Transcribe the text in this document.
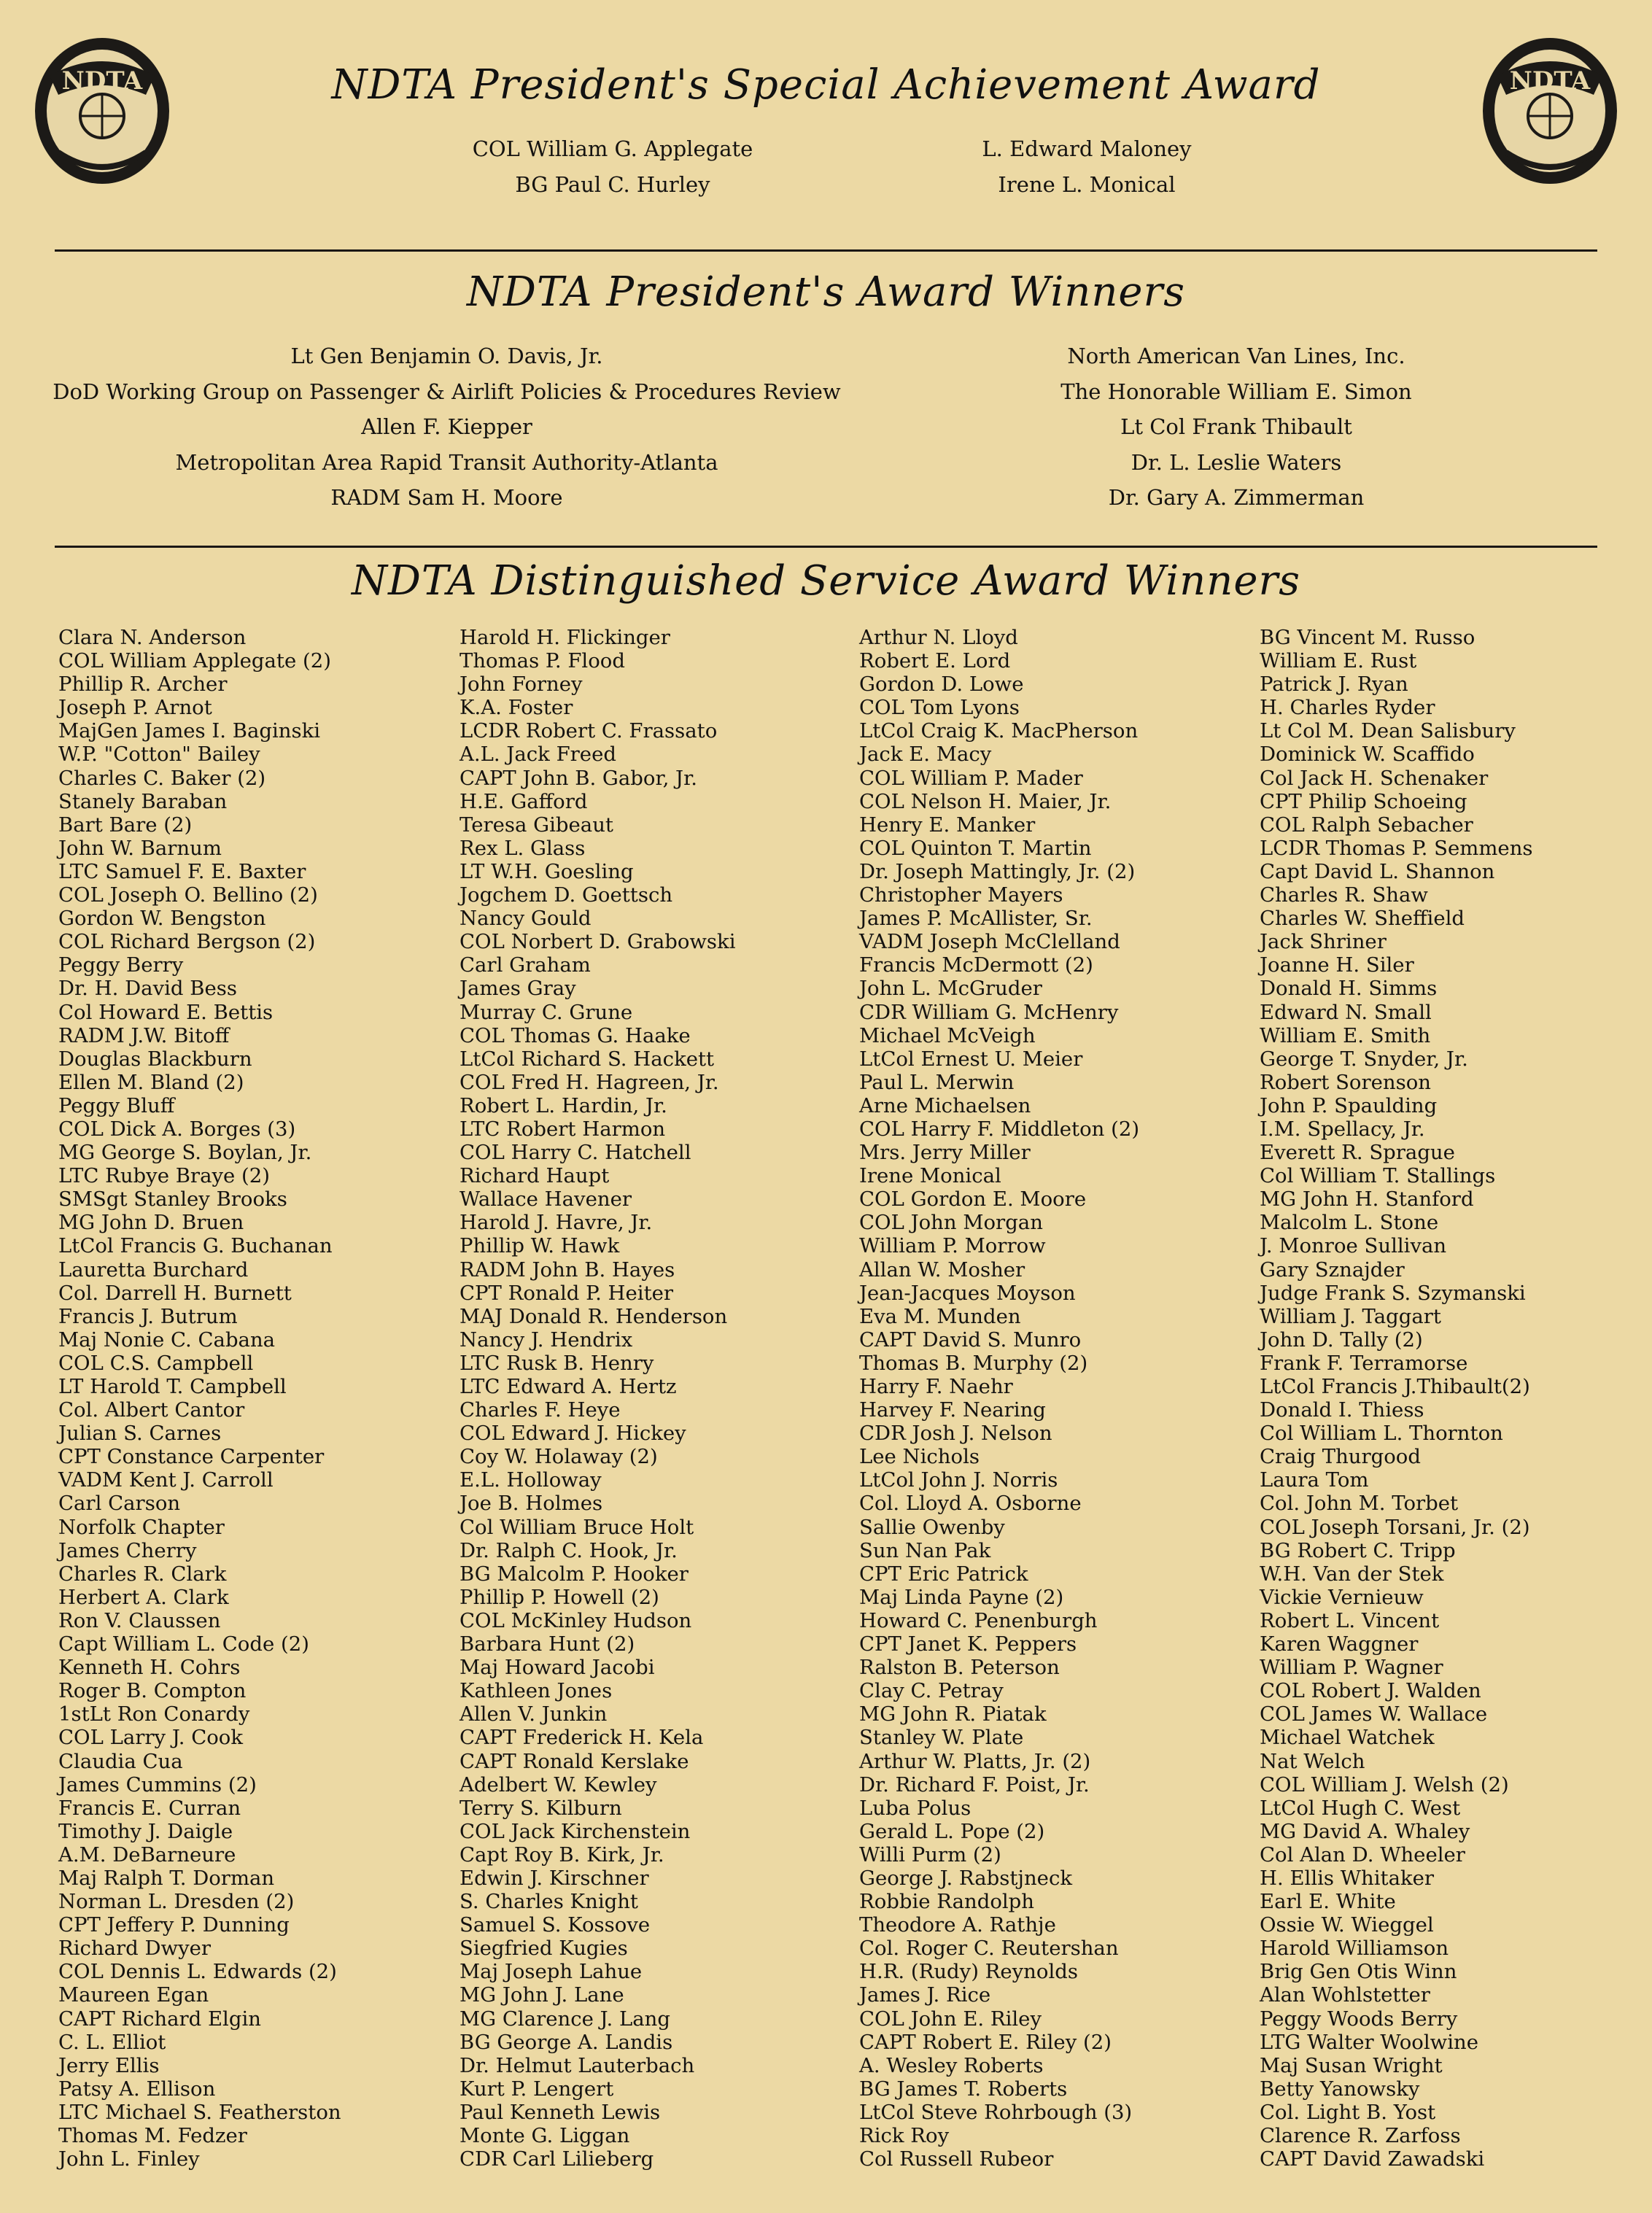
NDTA	NDTA
NDTA President's Special Achievement Award
COL William G. Applegate
BG Paul C. Hurley
L. Edward Maloney
Irene L. Monical
NDTA President's Award Winners
Lt Gen Benjamin O. Davis, Jr.
DoD Working Group on Passenger & Airlift Policies & Procedures Review
Allen F. Kiepper
Metropolitan Area Rapid Transit Authority-Atlanta
RADM Sam H. Moore
North American Van Lines, Inc.
The Honorable William E. Simon
Lt Col Frank Thibault
Dr. L. Leslie Waters
Dr. Gary A. Zimmerman
NDTA Distinguished Service Award Winners
Clara N. Anderson
COL William Applegate (2)
Phillip R. Archer
Joseph P. Arnot
MajGen James I. Baginski
W.P. "Cotton" Bailey
Charles C. Baker (2)
Stanely Baraban
Bart Bare (2)
John W. Barnum
LTC Samuel F. E. Baxter
COL Joseph O. Bellino (2)
Gordon W. Bengston
COL Richard Bergson (2)
Peggy Berry
Dr. H. David Bess
Col Howard E. Bettis
RADM J.W. Bitoff
Douglas Blackburn
Ellen M. Bland (2)
Peggy Bluff
COL Dick A. Borges (3)
MG George S. Boylan, Jr.
LTC Rubye Braye (2)
SMSgt Stanley Brooks
MG John D. Bruen
LtCol Francis G. Buchanan
Lauretta Burchard
Col. Darrell H. Burnett
Francis J. Butrum
Maj Nonie C. Cabana
COL C.S. Campbell
LT Harold T. Campbell
Col. Albert Cantor
Julian S. Carnes
CPT Constance Carpenter
VADM Kent J. Carroll
Carl Carson
Norfolk Chapter
James Cherry
Charles R. Clark
Herbert A. Clark
Ron V. Claussen
Capt William L. Code (2)
Kenneth H. Cohrs
Roger B. Compton
1stLt Ron Conardy
COL Larry J. Cook
Claudia Cua
James Cummins (2)
Francis E. Curran
Timothy J. Daigle
A.M. DeBarneure
Maj Ralph T. Dorman
Norman L. Dresden (2)
CPT Jeffery P. Dunning
Richard Dwyer
COL Dennis L. Edwards (2)
Maureen Egan
CAPT Richard Elgin
C. L. Elliot
Jerry Ellis
Patsy A. Ellison
LTC Michael S. Featherston
Thomas M. Fedzer
John L. Finley
Harold H. Flickinger
Thomas P. Flood
John Forney
K.A. Foster
LCDR Robert C. Frassato
A.L. Jack Freed
CAPT John B. Gabor, Jr.
H.E. Gafford
Teresa Gibeaut
Rex L. Glass
LT W.H. Goesling
Jogchem D. Goettsch
Nancy Gould
COL Norbert D. Grabowski
Carl Graham
James Gray
Murray C. Grune
COL Thomas G. Haake
LtCol Richard S. Hackett
COL Fred H. Hagreen, Jr.
Robert L. Hardin, Jr.
LTC Robert Harmon
COL Harry C. Hatchell
Richard Haupt
Wallace Havener
Harold J. Havre, Jr.
Phillip W. Hawk
RADM John B. Hayes
CPT Ronald P. Heiter
MAJ Donald R. Henderson
Nancy J. Hendrix
LTC Rusk B. Henry
LTC Edward A. Hertz
Charles F. Heye
COL Edward J. Hickey
Coy W. Holaway (2)
E.L. Holloway
Joe B. Holmes
Col William Bruce Holt
Dr. Ralph C. Hook, Jr.
BG Malcolm P. Hooker
Phillip P. Howell (2)
COL McKinley Hudson
Barbara Hunt (2)
Maj Howard Jacobi
Kathleen Jones
Allen V. Junkin
CAPT Frederick H. Kela
CAPT Ronald Kerslake
Adelbert W. Kewley
Terry S. Kilburn
COL Jack Kirchenstein
Capt Roy B. Kirk, Jr.
Edwin J. Kirschner
S. Charles Knight
Samuel S. Kossove
Siegfried Kugies
Maj Joseph Lahue
MG John J. Lane
MG Clarence J. Lang
BG George A. Landis
Dr. Helmut Lauterbach
Kurt P. Lengert
Paul Kenneth Lewis
Monte G. Liggan
CDR Carl Lilieberg
Arthur N. Lloyd
Robert E. Lord
Gordon D. Lowe
COL Tom Lyons
LtCol Craig K. MacPherson
Jack E. Macy
COL William P. Mader
COL Nelson H. Maier, Jr.
Henry E. Manker
COL Quinton T. Martin
Dr. Joseph Mattingly, Jr. (2)
Christopher Mayers
James P. McAllister, Sr.
VADM Joseph McClelland
Francis McDermott (2)
John L. McGruder
CDR William G. McHenry
Michael McVeigh
LtCol Ernest U. Meier
Paul L. Merwin
Arne Michaelsen
COL Harry F. Middleton (2)
Mrs. Jerry Miller
Irene Monical
COL Gordon E. Moore
COL John Morgan
William P. Morrow
Allan W. Mosher
Jean-Jacques Moyson
Eva M. Munden
CAPT David S. Munro
Thomas B. Murphy (2)
Harry F. Naehr
Harvey F. Nearing
CDR Josh J. Nelson
Lee Nichols
LtCol John J. Norris
Col. Lloyd A. Osborne
Sallie Owenby
Sun Nan Pak
CPT Eric Patrick
Maj Linda Payne (2)
Howard C. Penenburgh
CPT Janet K. Peppers
Ralston B. Peterson
Clay C. Petray
MG John R. Piatak
Stanley W. Plate
Arthur W. Platts, Jr. (2)
Dr. Richard F. Poist, Jr.
Luba Polus
Gerald L. Pope (2)
Willi Purm (2)
George J. Rabstjneck
Robbie Randolph
Theodore A. Rathje
Col. Roger C. Reutershan
H.R. (Rudy) Reynolds
James J. Rice
COL John E. Riley
CAPT Robert E. Riley (2)
A. Wesley Roberts
BG James T. Roberts
LtCol Steve Rohrbough (3)
Rick Roy
Col Russell Rubeor
BG Vincent M. Russo
William E. Rust
Patrick J. Ryan
H. Charles Ryder
Lt Col M. Dean Salisbury
Dominick W. Scaffido
Col Jack H. Schenaker
CPT Philip Schoeing
COL Ralph Sebacher
LCDR Thomas P. Semmens
Capt David L. Shannon
Charles R. Shaw
Charles W. Sheffield
Jack Shriner
Joanne H. Siler
Donald H. Simms
Edward N. Small
William E. Smith
George T. Snyder, Jr.
Robert Sorenson
John P. Spaulding
I.M. Spellacy, Jr.
Everett R. Sprague
Col William T. Stallings
MG John H. Stanford
Malcolm L. Stone
J. Monroe Sullivan
Gary Sznajder
Judge Frank S. Szymanski
William J. Taggart
John D. Tally (2)
Frank F. Terramorse
LtCol Francis J.Thibault(2)
Donald I. Thiess
Col William L. Thornton
Craig Thurgood
Laura Tom
Col. John M. Torbet
COL Joseph Torsani, Jr. (2)
BG Robert C. Tripp
W.H. Van der Stek
Vickie Vernieuw
Robert L. Vincent
Karen Waggner
William P. Wagner
COL Robert J. Walden
COL James W. Wallace
Michael Watchek
Nat Welch
COL William J. Welsh (2)
LtCol Hugh C. West
MG David A. Whaley
Col Alan D. Wheeler
H. Ellis Whitaker
Earl E. White
Ossie W. Wieggel
Harold Williamson
Brig Gen Otis Winn
Alan Wohlstetter
Peggy Woods Berry
LTG Walter Woolwine
Maj Susan Wright
Betty Yanowsky
Col. Light B. Yost
Clarence R. Zarfoss
CAPT David Zawadski
